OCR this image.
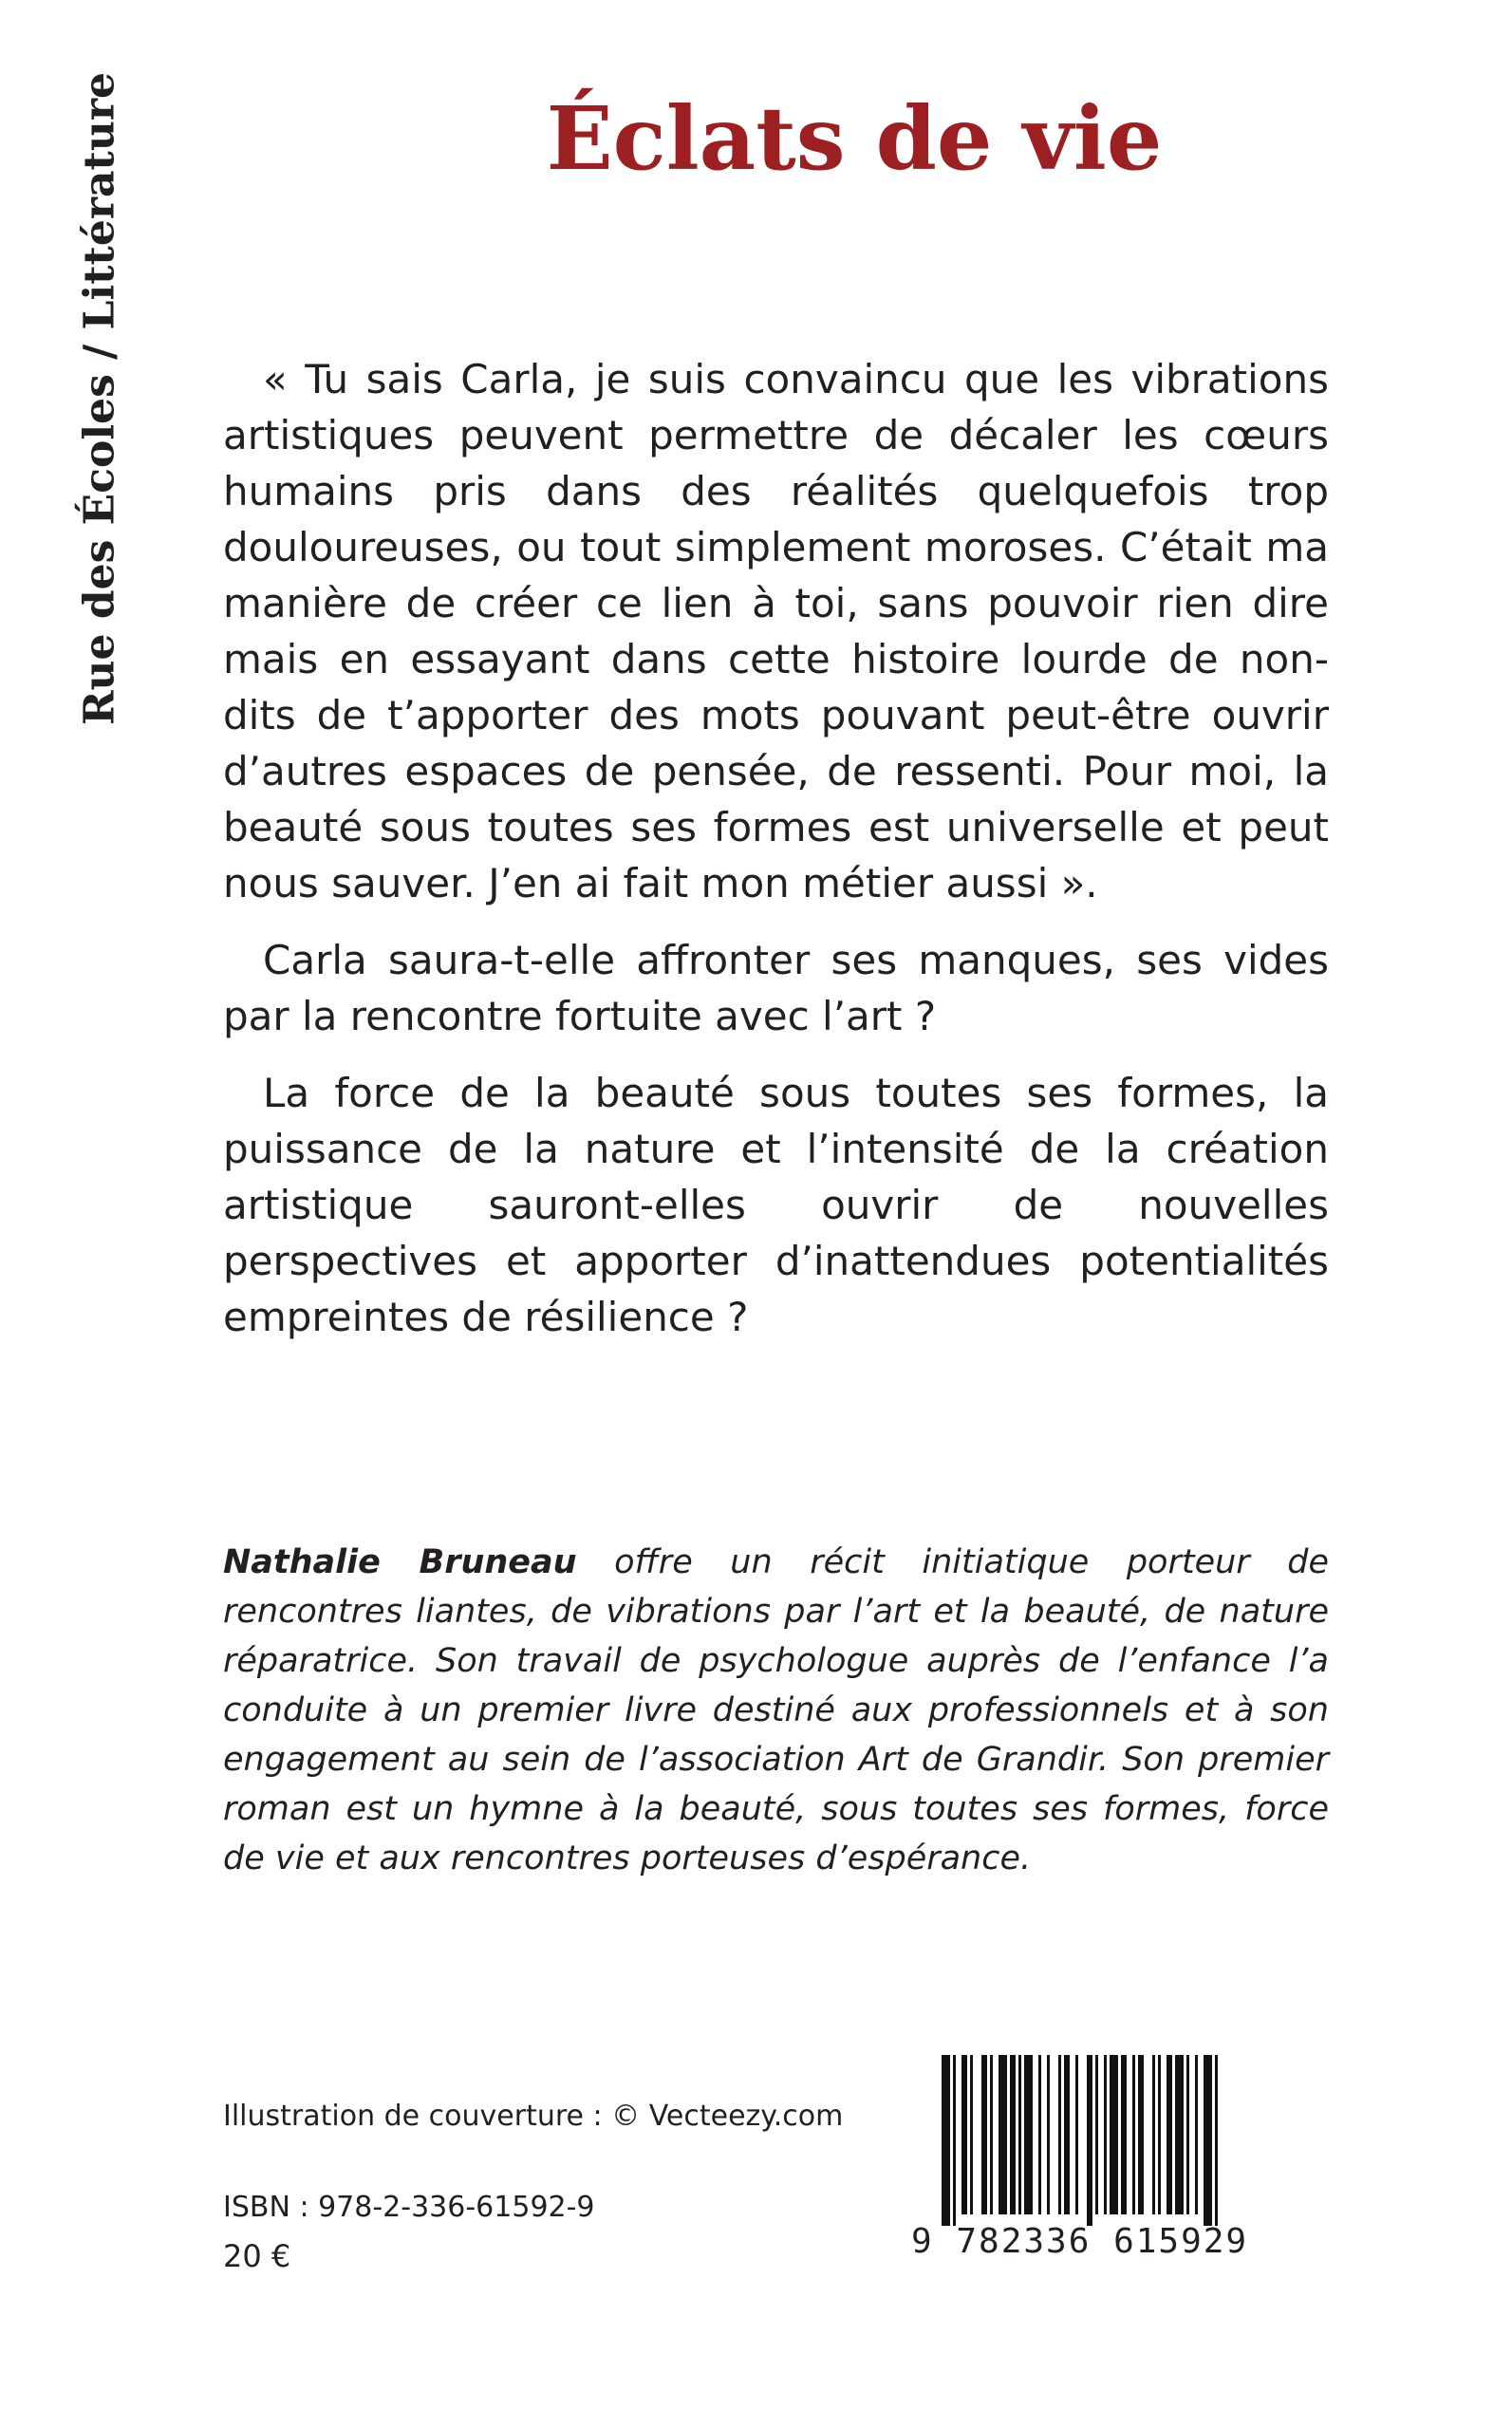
Rue des Écoles / Littérature	Éclats de vie

« Tu sais Carla, je suis convaincu que les vibrations artistiques peuvent permettre de décaler les cœurs humains pris dans des réalités quelquefois trop douloureuses, ou tout simplement moroses. C’était ma manière de créer ce lien à toi, sans pouvoir rien dire mais en essayant dans cette histoire lourde de non-dits de t’apporter des mots pouvant peut-être ouvrir d’autres espaces de pensée, de ressenti. Pour moi, la beauté sous toutes ses formes est universelle et peut nous sauver. J’en ai fait mon métier aussi ».

Carla saura-t-elle affronter ses manques, ses vides par la rencontre fortuite avec l’art ?

La force de la beauté sous toutes ses formes, la puissance de la nature et l’intensité de la création artistique sauront-elles ouvrir de nouvelles perspectives et apporter d’inattendues potentialités empreintes de résilience ?

Nathalie Bruneau offre un récit initiatique porteur de rencontres liantes, de vibrations par l’art et la beauté, de nature réparatrice. Son travail de psychologue auprès de l’enfance l’a conduite à un premier livre destiné aux professionnels et à son engagement au sein de l’association Art de Grandir. Son premier roman est un hymne à la beauté, sous toutes ses formes, force de vie et aux rencontres porteuses d’espérance.

Illustration de couverture : © Vecteezy.com
ISBN : 978-2-336-61592-9
20 €	9 782336 615929
